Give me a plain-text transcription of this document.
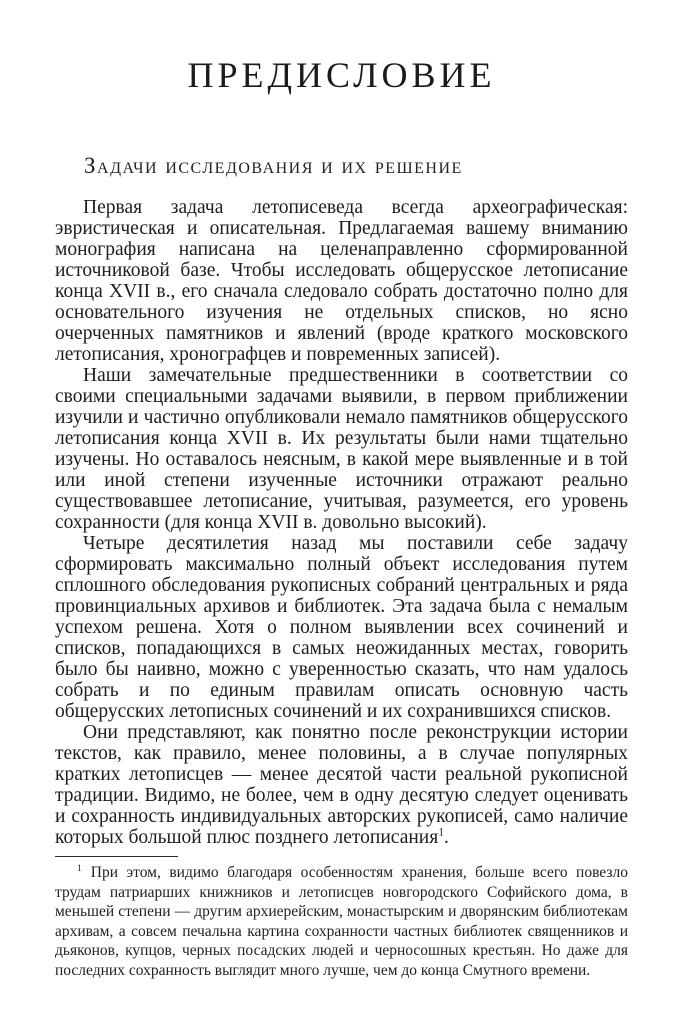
ПРЕДИСЛОВИЕ
Задачи исследования и их решение

Первая задача летописеведа всегда археографическая: эвристическая и описательная. Предлагаемая вашему вниманию монография написана на целенаправленно сформированной источниковой базе. Чтобы исследовать общерусское летописание конца XVII в., его сначала следовало собрать достаточно полно для основательного изучения не отдельных списков, но ясно очерченных памятников и явлений (вроде краткого московского летописания, хронографцев и повременных записей).

Наши замечательные предшественники в соответствии со своими специальными задачами выявили, в первом приближении изучили и частично опубликовали немало памятников общерусского летописания конца XVII в. Их результаты были нами тщательно изучены. Но оставалось неясным, в какой мере выявленные и в той или иной степени изученные источники отражают реально существовавшее летописание, учитывая, разумеется, его уровень сохранности (для конца XVII в. довольно высокий).

Четыре десятилетия назад мы поставили себе задачу сформировать максимально полный объект исследования путем сплошного обследования рукописных собраний центральных и ряда провинциальных архивов и библиотек. Эта задача была с немалым успехом решена. Хотя о полном выявлении всех сочинений и списков, попадающихся в самых неожиданных местах, говорить было бы наивно, можно с уверенностью сказать, что нам удалось собрать и по единым правилам описать основную часть общерусских летописных сочинений и их сохранившихся списков.

Они представляют, как понятно после реконструкции истории текстов, как правило, менее половины, а в случае популярных кратких летописцев — менее десятой части реальной рукописной традиции. Видимо, не более, чем в одну десятую следует оценивать и сохранность индивидуальных авторских рукописей, само наличие которых большой плюс позднего летописания$^1$.

$^1$ При этом, видимо благодаря особенностям хранения, больше всего повезло трудам патриарших книжников и летописцев новгородского Софийского дома, в меньшей степени — другим архиерейским, монастырским и дворянским библиотекам архивам, а совсем печальна картина сохранности частных библиотек священников и дьяконов, купцов, черных посадских людей и черносошных крестьян. Но даже для последних сохранность выглядит много лучше, чем до конца Смутного времени.
